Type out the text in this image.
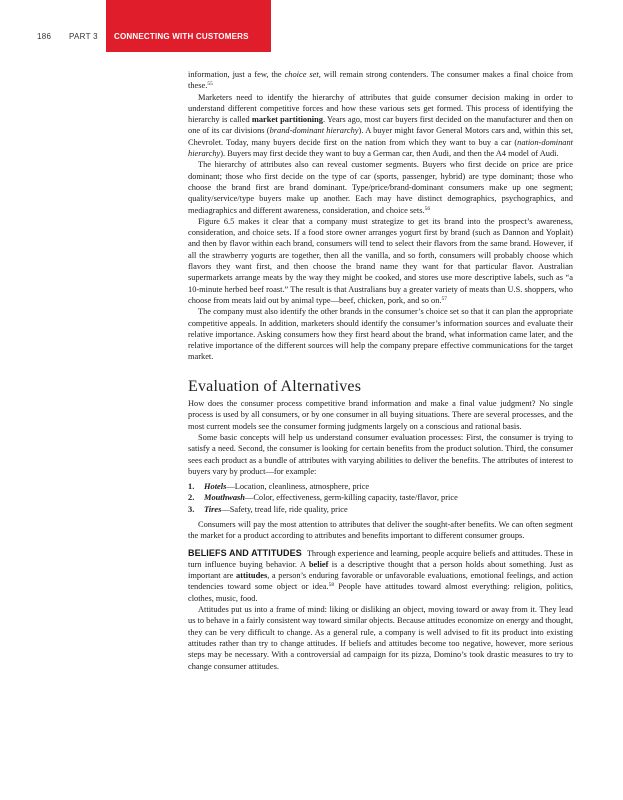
186 PART 3 CONNECTING WITH CUSTOMERS

information, just a few, the choice set, will remain strong contenders. The consumer makes a final choice from these.$^{55}$

Marketers need to identify the hierarchy of attributes that guide consumer decision making in order to understand different competitive forces and how these various sets get formed. This process of identifying the hierarchy is called market partitioning. Years ago, most car buyers first decided on the manufacturer and then on one of its car divisions (brand-dominant hierarchy). A buyer might favor General Motors cars and, within this set, Chevrolet. Today, many buyers decide first on the nation from which they want to buy a car (nation-dominant hierarchy). Buyers may first decide they want to buy a German car, then Audi, and then the A4 model of Audi.

The hierarchy of attributes also can reveal customer segments. Buyers who first decide on price are price dominant; those who first decide on the type of car (sports, passenger, hybrid) are type dominant; those who choose the brand first are brand dominant. Type/price/brand-dominant consumers make up one segment; quality/service/type buyers make up another. Each may have distinct demographics, psychographics, and mediagraphics and different awareness, consideration, and choice sets.$^{56}$

Figure 6.5 makes it clear that a company must strategize to get its brand into the prospect’s awareness, consideration, and choice sets. If a food store owner arranges yogurt first by brand (such as Dannon and Yoplait) and then by flavor within each brand, consumers will tend to select their flavors from the same brand. However, if all the strawberry yogurts are together, then all the vanilla, and so forth, consumers will probably choose which flavors they want first, and then choose the brand name they want for that particular flavor. Australian supermarkets arrange meats by the way they might be cooked, and stores use more descriptive labels, such as “a 10-minute herbed beef roast.” The result is that Australians buy a greater variety of meats than U.S. shoppers, who choose from meats laid out by animal type—beef, chicken, pork, and so on.$^{57}$

The company must also identify the other brands in the consumer’s choice set so that it can plan the appropriate competitive appeals. In addition, marketers should identify the consumer’s information sources and evaluate their relative importance. Asking consumers how they first heard about the brand, what information came later, and the relative importance of the different sources will help the company prepare effective communications for the target market.

Evaluation of Alternatives

How does the consumer process competitive brand information and make a final value judgment? No single process is used by all consumers, or by one consumer in all buying situations. There are several processes, and the most current models see the consumer forming judgments largely on a conscious and rational basis.

Some basic concepts will help us understand consumer evaluation processes: First, the consumer is trying to satisfy a need. Second, the consumer is looking for certain benefits from the product solution. Third, the consumer sees each product as a bundle of attributes with varying abilities to deliver the benefits. The attributes of interest to buyers vary by product—for example:

1. Hotels—Location, cleanliness, atmosphere, price
2. Mouthwash—Color, effectiveness, germ-killing capacity, taste/flavor, price
3. Tires—Safety, tread life, ride quality, price

Consumers will pay the most attention to attributes that deliver the sought-after benefits. We can often segment the market for a product according to attributes and benefits important to different consumer groups.

BELIEFS AND ATTITUDES Through experience and learning, people acquire beliefs and attitudes. These in turn influence buying behavior. A belief is a descriptive thought that a person holds about something. Just as important are attitudes, a person’s enduring favorable or unfavorable evaluations, emotional feelings, and action tendencies toward some object or idea.$^{58}$ People have attitudes toward almost everything: religion, politics, clothes, music, food.

Attitudes put us into a frame of mind: liking or disliking an object, moving toward or away from it. They lead us to behave in a fairly consistent way toward similar objects. Because attitudes economize on energy and thought, they can be very difficult to change. As a general rule, a company is well advised to fit its product into existing attitudes rather than try to change attitudes. If beliefs and attitudes become too negative, however, more serious steps may be necessary. With a controversial ad campaign for its pizza, Domino’s took drastic measures to try to change consumer attitudes.
